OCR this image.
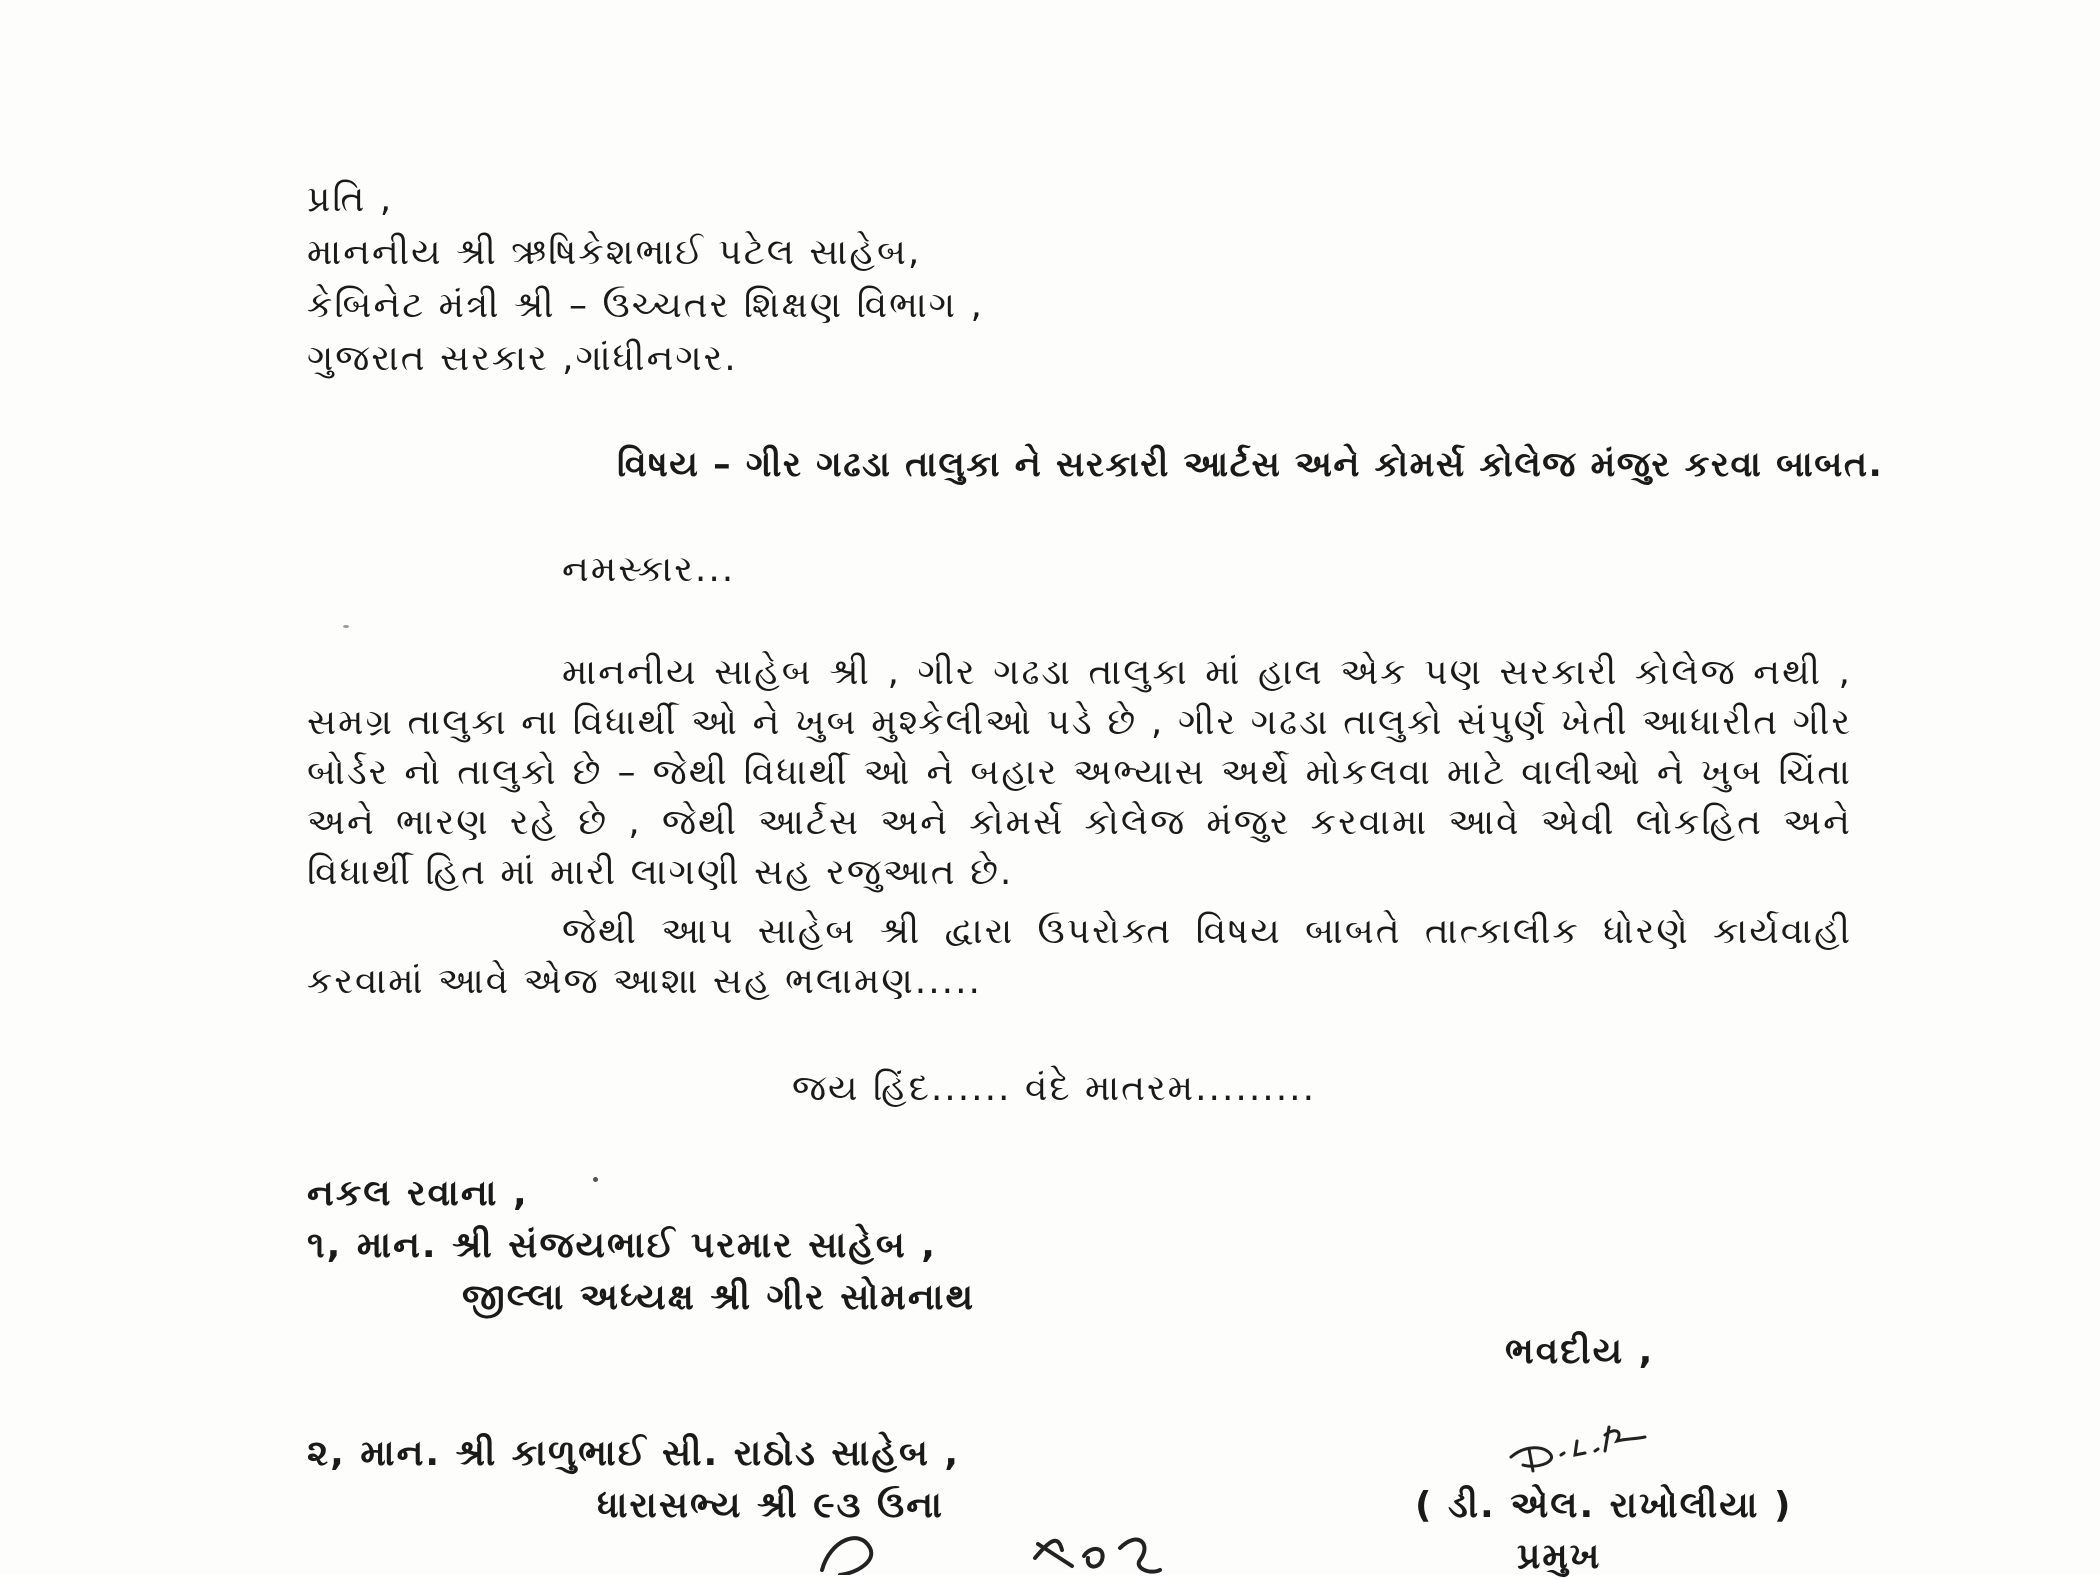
પ્રતિ ,
માનનીય શ્રી ઋષિકેશભાઈ પટેલ સાહેબ,
કેબિનેટ મંત્રી શ્રી – ઉચ્ચતર શિક્ષણ વિભાગ ,
ગુજરાત સરકાર ,ગાંધીનગર.
વિષય – ગીર ગઢડા તાલુકા ને સરકારી આર્ટસ અને કોમર્સ કોલેજ મંજુર કરવા બાબત.
નમસ્કાર...
માનનીય સાહેબ શ્રી , ગીર ગઢડા તાલુકા માં હાલ એક પણ સરકારી કોલેજ નથી , સમગ્ર તાલુકા ના વિધાર્થી ઓ ને ખુબ મુશ્કેલીઓ પડે છે , ગીર ગઢડા તાલુકો સંપુર્ણ ખેતી આધારીત ગીર બોર્ડર નો તાલુકો છે – જેથી વિધાર્થી ઓ ને બહાર અભ્યાસ અર્થે મોકલવા માટે વાલીઓ ને ખુબ ચિંતા અને ભારણ રહે છે , જેથી આર્ટસ અને કોમર્સ કોલેજ મંજુર કરવામા આવે એવી લોકહિત અને વિધાર્થી હિત માં મારી લાગણી સહ રજુઆત છે.
જેથી આપ સાહેબ શ્રી દ્વારા ઉપરોક્ત વિષય બાબતે તાત્કાલીક ધોરણે કાર્યવાહી કરવામાં આવે એજ આશા સહ ભલામણ.....
જય હિંદ...... વંદે માતરમ.........
નકલ રવાના ,
૧, માન. શ્રી સંજયભાઈ પરમાર સાહેબ ,
જીલ્લા અધ્યક્ષ શ્રી ગીર સોમનાથ
૨, માન. શ્રી કાળુભાઈ સી. રાઠોડ સાહેબ ,
ધારાસભ્ય શ્રી ૯૩ ઉના
ભવદીય ,
( ડી. એલ. રાખોલીયા )
પ્રમુખ
